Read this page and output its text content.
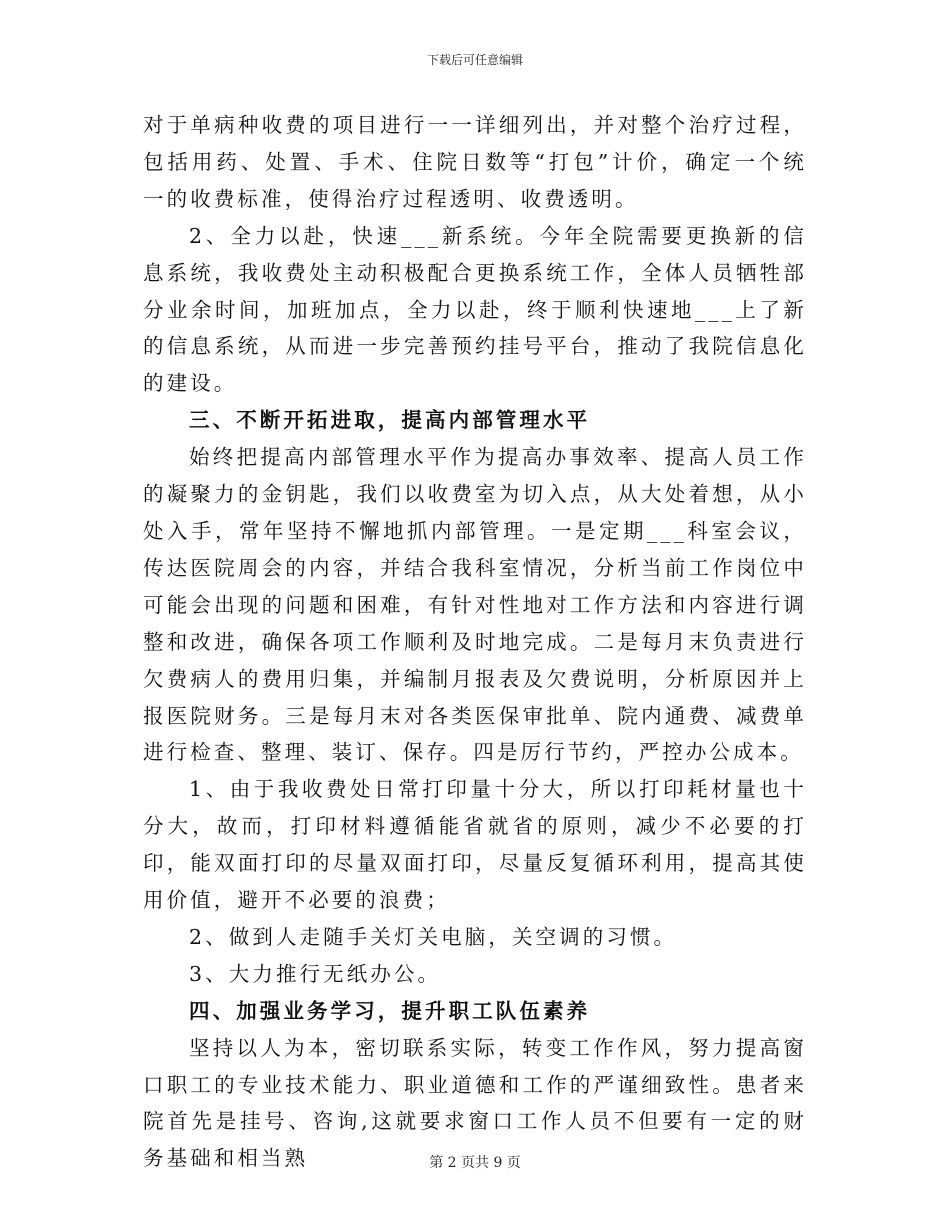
下载后可任意编辑

对于单病种收费的项目进行一一详细列出，并对整个治疗过程，包括用药、处置、手术、住院日数等“打包”计价，确定一个统一的收费标准，使得治疗过程透明、收费透明。

2、全力以赴，快速___新系统。今年全院需要更换新的信息系统，我收费处主动积极配合更换系统工作，全体人员牺牲部分业余时间，加班加点，全力以赴，终于顺利快速地___上了新的信息系统，从而进一步完善预约挂号平台，推动了我院信息化的建设。

三、不断开拓进取，提高内部管理水平

始终把提高内部管理水平作为提高办事效率、提高人员工作的凝聚力的金钥匙，我们以收费室为切入点，从大处着想，从小处入手，常年坚持不懈地抓内部管理。一是定期___科室会议，传达医院周会的内容，并结合我科室情况，分析当前工作岗位中可能会出现的问题和困难，有针对性地对工作方法和内容进行调整和改进，确保各项工作顺利及时地完成。二是每月末负责进行欠费病人的费用归集，并编制月报表及欠费说明，分析原因并上报医院财务。三是每月末对各类医保审批单、院内通费、减费单进行检查、整理、装订、保存。四是厉行节约，严控办公成本。

1、由于我收费处日常打印量十分大，所以打印耗材量也十分大，故而，打印材料遵循能省就省的原则，减少不必要的打印，能双面打印的尽量双面打印，尽量反复循环利用，提高其使用价值，避开不必要的浪费；

2、做到人走随手关灯关电脑，关空调的习惯。

3、大力推行无纸办公。

四、加强业务学习，提升职工队伍素养

坚持以人为本，密切联系实际，转变工作作风，努力提高窗口职工的专业技术能力、职业道德和工作的严谨细致性。患者来院首先是挂号、咨询,这就要求窗口工作人员不但要有一定的财务基础和相当熟	第 2 页共 9 页
